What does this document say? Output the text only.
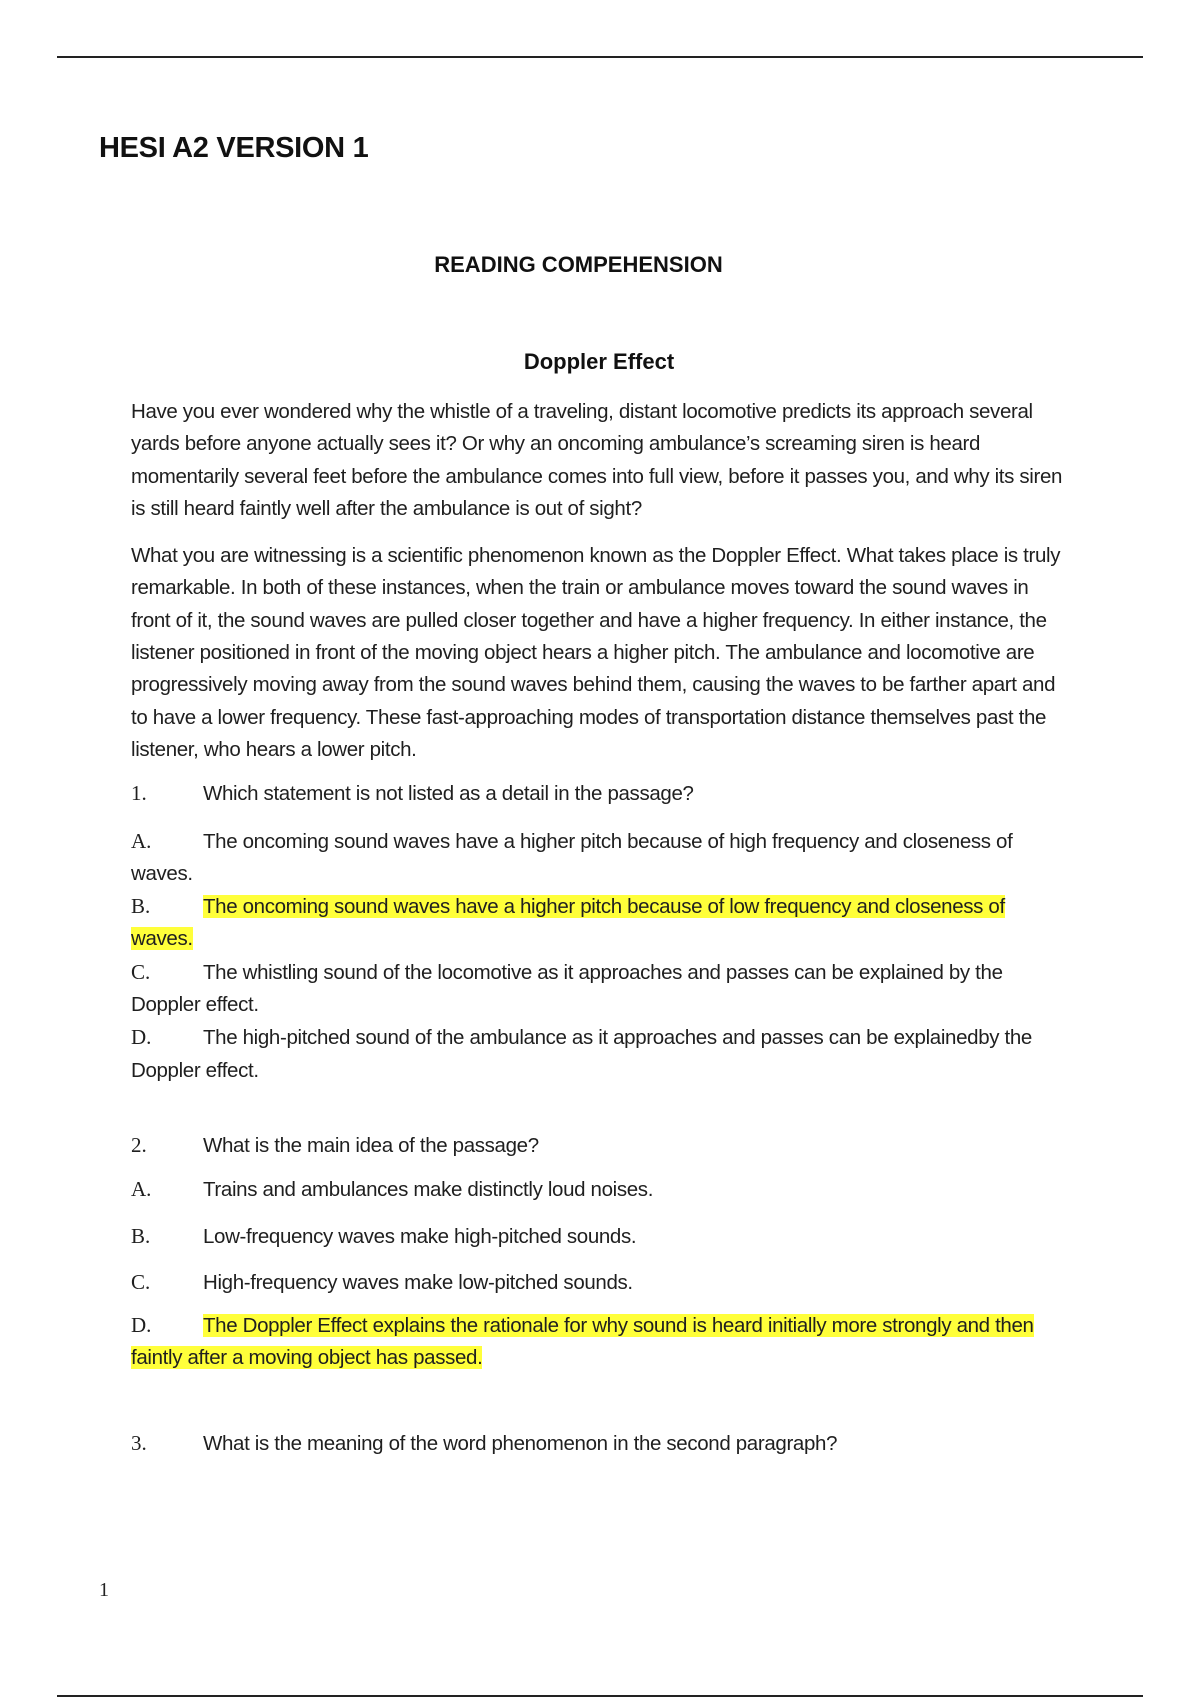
HESI A2 VERSION 1
READING COMPEHENSION
Doppler Effect

Have you ever wondered why the whistle of a traveling, distant locomotive predicts its approach several yards before anyone actually sees it? Or why an oncoming ambulance’s screaming siren is heard momentarily several feet before the ambulance comes into full view, before it passes you, and why its siren is still heard faintly well after the ambulance is out of sight?

What you are witnessing is a scientific phenomenon known as the Doppler Effect. What takes place is truly remarkable. In both of these instances, when the train or ambulance moves toward the sound waves in front of it, the sound waves are pulled closer together and have a higher frequency. In either instance, the listener positioned in front of the moving object hears a higher pitch. The ambulance and locomotive are progressively moving away from the sound waves behind them, causing the waves to be farther apart and to have a lower frequency. These fast-approaching modes of transportation distance themselves past the listener, who hears a lower pitch.

1.	Which statement is not listed as a detail in the passage?

A.	The oncoming sound waves have a higher pitch because of high frequency and closeness of waves.

B.	The oncoming sound waves have a higher pitch because of low frequency and closeness of waves.

C.	The whistling sound of the locomotive as it approaches and passes can be explained by the Doppler effect.

D.	The high-pitched sound of the ambulance as it approaches and passes can be explainedby the Doppler effect.

2.	What is the main idea of the passage?
A.	Trains and ambulances make distinctly loud noises.
B.	Low-frequency waves make high-pitched sounds.
C.	High-frequency waves make low-pitched sounds.

D.	The Doppler Effect explains the rationale for why sound is heard initially more strongly and then faintly after a moving object has passed.

3.	What is the meaning of the word phenomenon in the second paragraph?
1
